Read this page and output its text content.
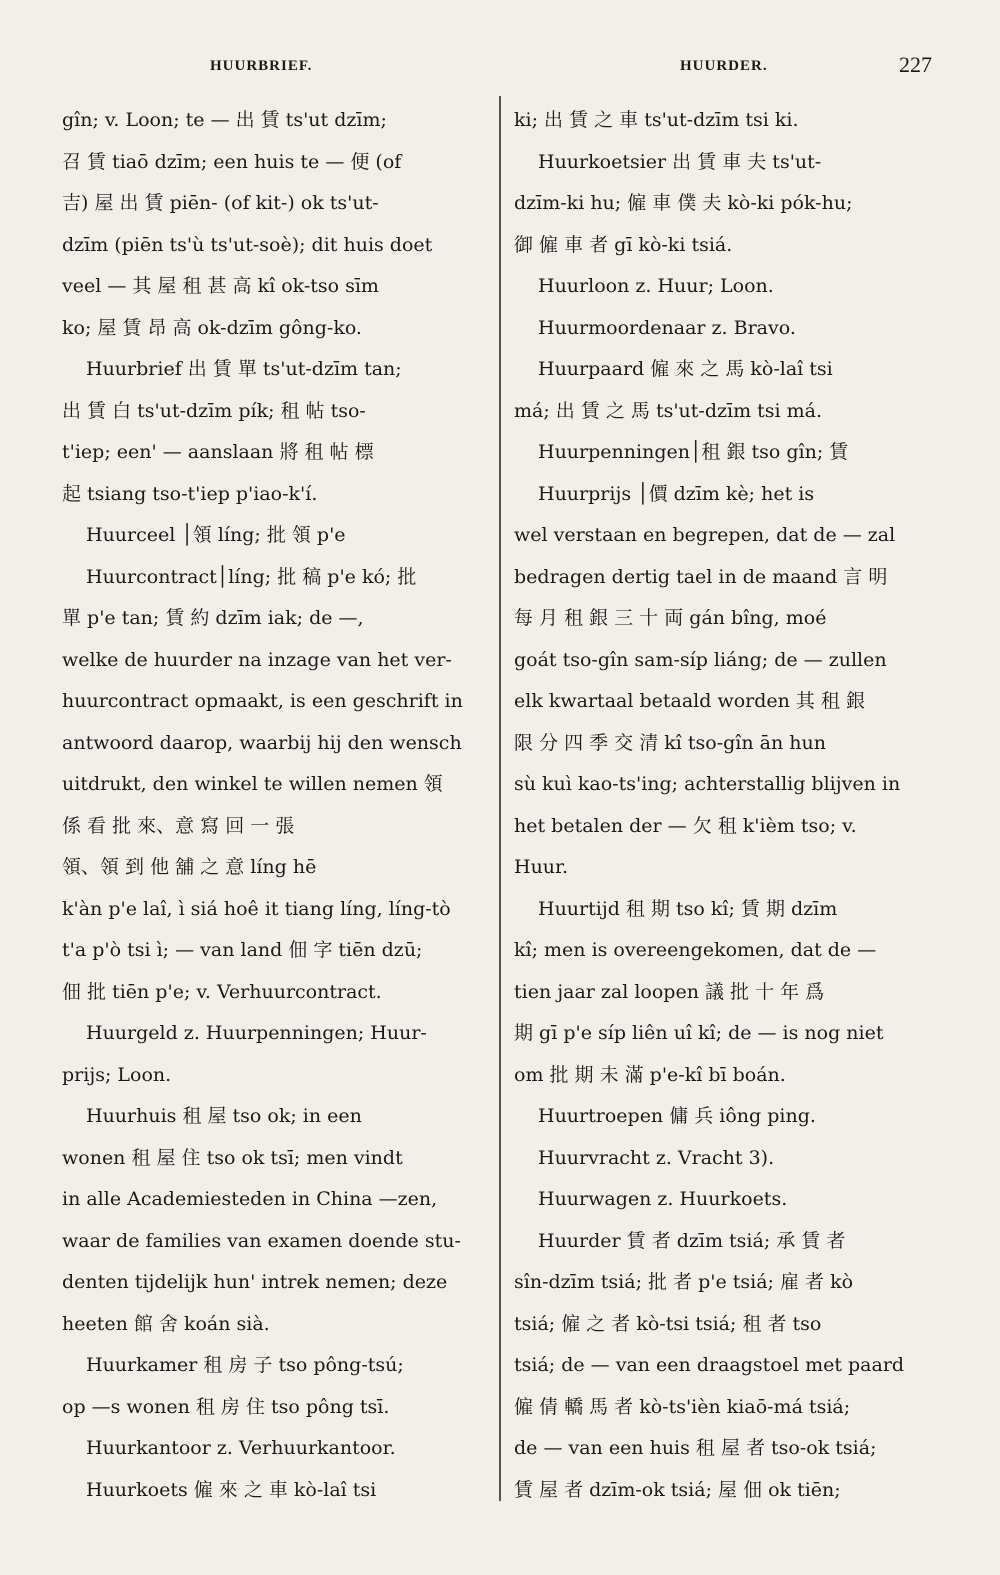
HUURBRIEF.	HUURDER.	227
gîn; v. Loon; te — 出 賃 ts'ut dzīm;
召 賃 tiaō dzīm; een huis te — 便 (of
吉) 屋 出 賃 piēn- (of kit-) ok ts'ut-
dzīm (piēn ts'ù ts'ut-soè); dit huis doet
veel — 其 屋 租 甚 高 kî ok-tso sīm
ko; 屋 賃 昂 高 ok-dzīm gông-ko.
Huurbrief 出 賃 單 ts'ut-dzīm tan;
出 賃 白 ts'ut-dzīm pík; 租 帖 tso-
t'iep; een' — aanslaan 將 租 帖 標
起 tsiang tso-t'iep p'iao-k'í.
Huurceel │領 líng; 批 領 p'e
Huurcontract│líng; 批 稿 p'e kó; 批
單 p'e tan; 賃 約 dzīm iak; de —,
welke de huurder na inzage van het ver-
huurcontract opmaakt, is een geschrift in
antwoord daarop, waarbij hij den wensch
uitdrukt, den winkel te willen nemen 領
係 看 批 來、意 寫 回 一 張
領、領 到 他 舖 之 意 líng hē
k'àn p'e laî, ì siá hoê it tiang líng, líng-tò
t'a p'ò tsi ì; — van land 佃 字 tiēn dzū;
佃 批 tiēn p'e; v. Verhuurcontract.
Huurgeld z. Huurpenningen; Huur-
prijs; Loon.
Huurhuis 租 屋 tso ok; in een
wonen 租 屋 住 tso ok tsī; men vindt
in alle Academiesteden in China —zen,
waar de families van examen doende stu-
denten tijdelijk hun' intrek nemen; deze
heeten 館 舍 koán sià.
Huurkamer 租 房 子 tso pông-tsú;
op —s wonen 租 房 住 tso pông tsī.
Huurkantoor z. Verhuurkantoor.
Huurkoets 僱 來 之 車 kò-laî tsi
ki; 出 賃 之 車 ts'ut-dzīm tsi ki.
Huurkoetsier 出 賃 車 夫 ts'ut-
dzīm-ki hu; 僱 車 僕 夫 kò-ki pók-hu;
御 僱 車 者 gī kò-ki tsiá.
Huurloon z. Huur; Loon.
Huurmoordenaar z. Bravo.
Huurpaard 僱 來 之 馬 kò-laî tsi
má; 出 賃 之 馬 ts'ut-dzīm tsi má.
Huurpenningen│租 銀 tso gîn; 賃
Huurprijs │價 dzīm kè; het is
wel verstaan en begrepen, dat de — zal
bedragen dertig tael in de maand 言 明
每 月 租 銀 三 十 両 gán bîng, moé
goát tso-gîn sam-síp liáng; de — zullen
elk kwartaal betaald worden 其 租 銀
限 分 四 季 交 清 kî tso-gîn ān hun
sù kuì kao-ts'ing; achterstallig blijven in
het betalen der — 欠 租 k'ièm tso; v.
Huur.
Huurtijd 租 期 tso kî; 賃 期 dzīm
kî; men is overeengekomen, dat de —
tien jaar zal loopen 議 批 十 年 爲
期 gī p'e síp liên uî kî; de — is nog niet
om 批 期 未 滿 p'e-kî bī boán.
Huurtroepen 傭 兵 iông ping.
Huurvracht z. Vracht 3).
Huurwagen z. Huurkoets.
Huurder 賃 者 dzīm tsiá; 承 賃 者
sîn-dzīm tsiá; 批 者 p'e tsiá; 雇 者 kò
tsiá; 僱 之 者 kò-tsi tsiá; 租 者 tso
tsiá; de — van een draagstoel met paard
僱 倩 轎 馬 者 kò-ts'ièn kiaō-má tsiá;
de — van een huis 租 屋 者 tso-ok tsiá;
賃 屋 者 dzīm-ok tsiá; 屋 佃 ok tiēn;
